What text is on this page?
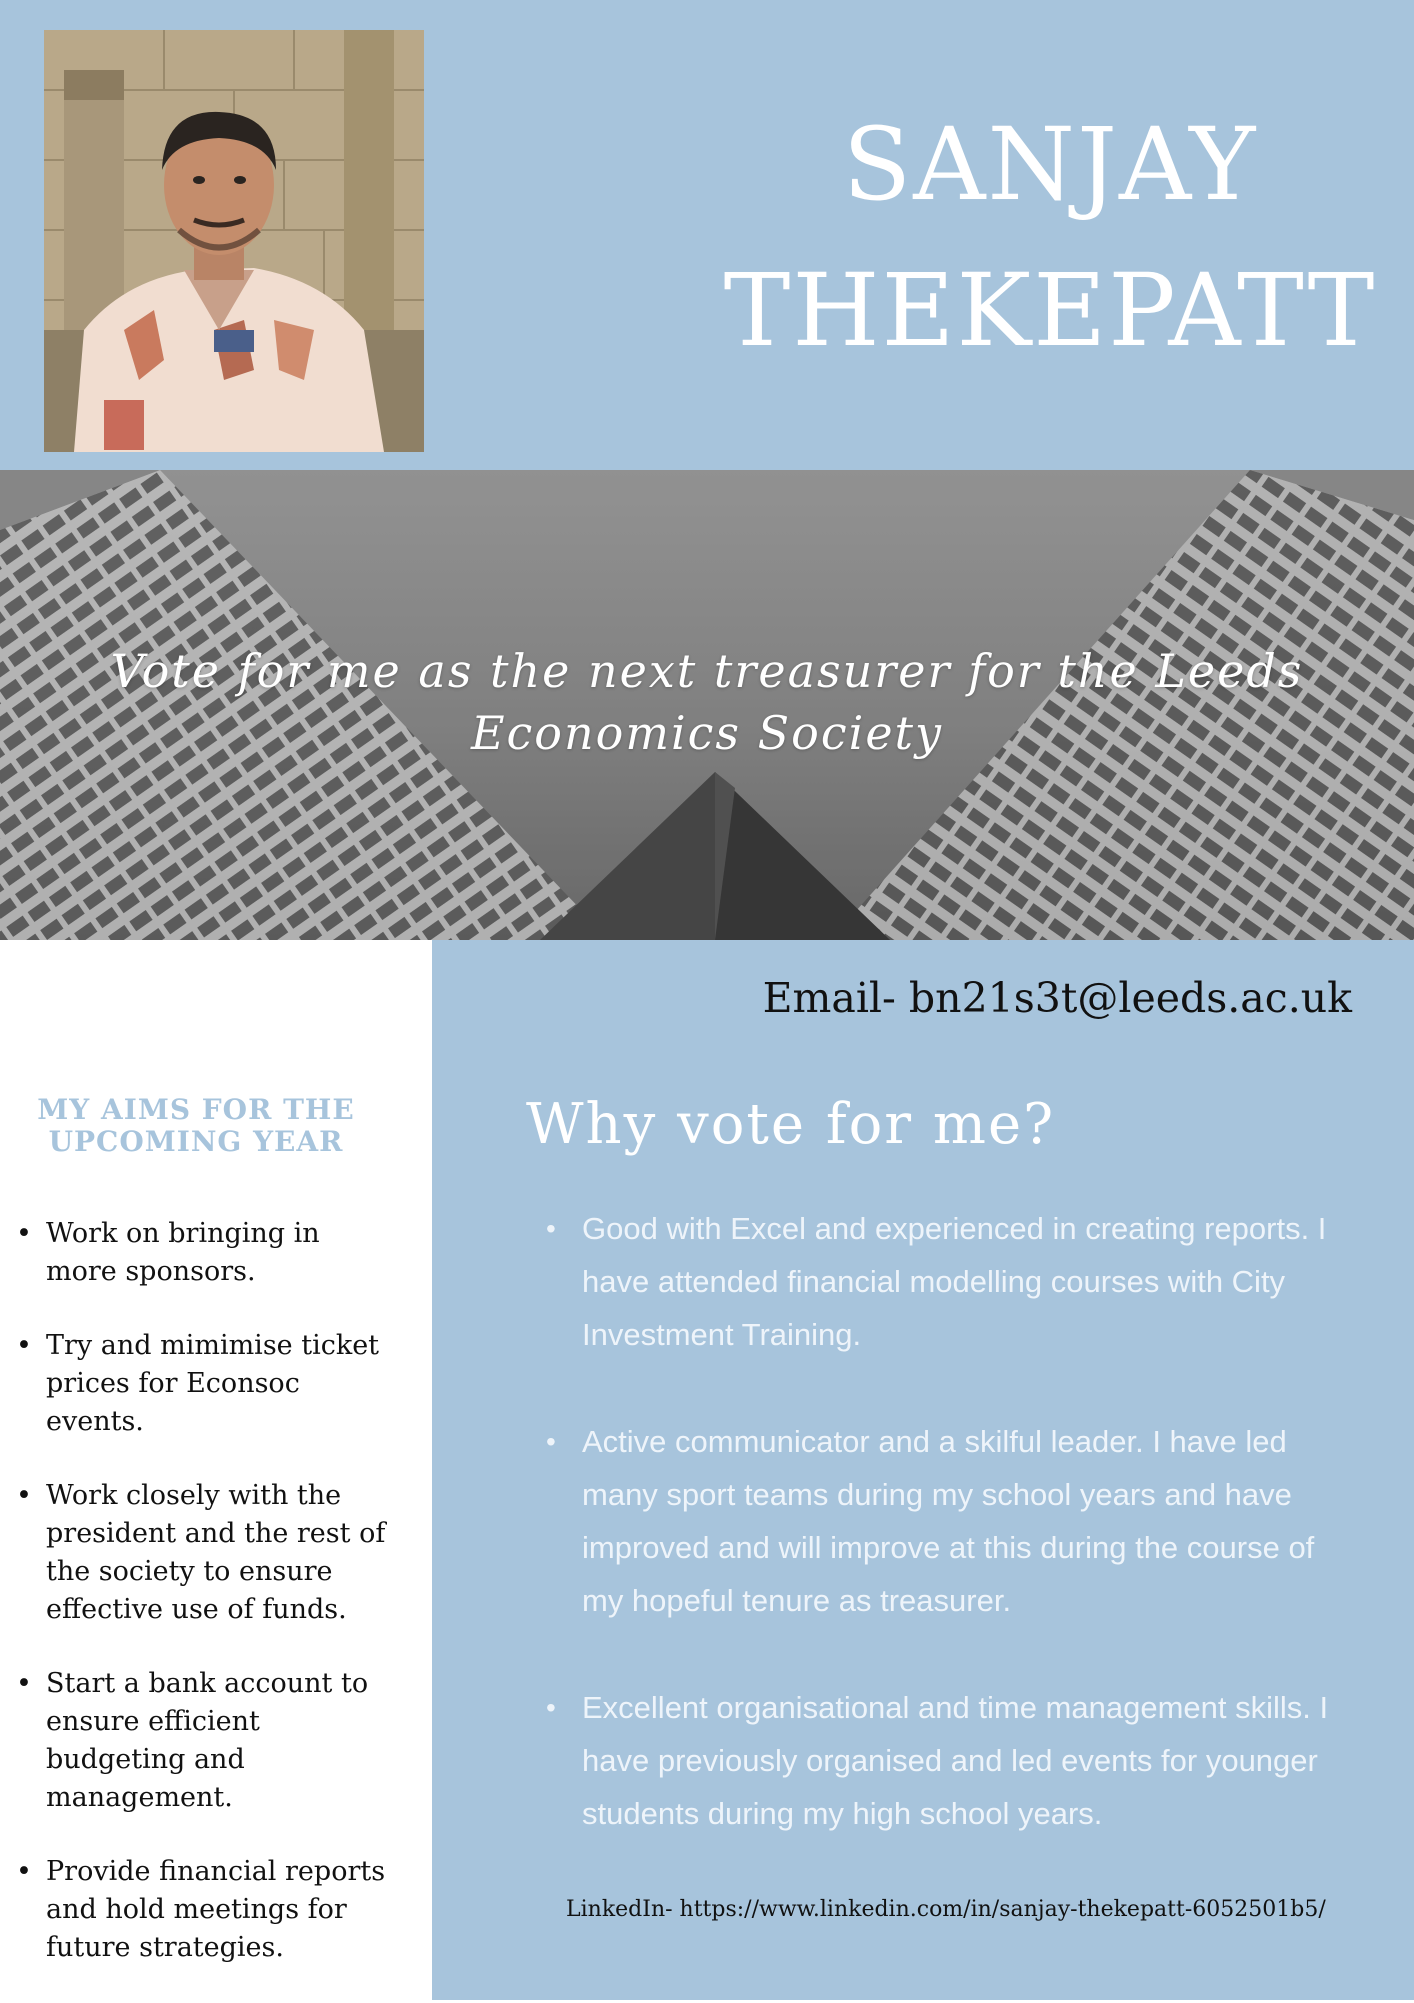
SANJAY
THEKEPATT
Vote for me as the next treasurer for the Leeds
Economics Society
Email- bn21s3t@leeds.ac.uk
MY AIMS FOR THE
UPCOMING YEAR
• Work on bringing in more sponsors.
• Try and mimimise ticket prices for Econsoc events.
• Work closely with the president and the rest of the society to ensure effective use of funds.
• Start a bank account to ensure efficient budgeting and management.
• Provide financial reports and hold meetings for future strategies.
Why vote for me?
• Good with Excel and experienced in creating reports. I have attended financial modelling courses with City Investment Training.
• Active communicator and a skilful leader. I have led many sport teams during my school years and have improved and will improve at this during the course of my hopeful tenure as treasurer.
• Excellent organisational and time management skills. I have previously organised and led events for younger students during my high school years.
LinkedIn- https://www.linkedin.com/in/sanjay-thekepatt-6052501b5/
